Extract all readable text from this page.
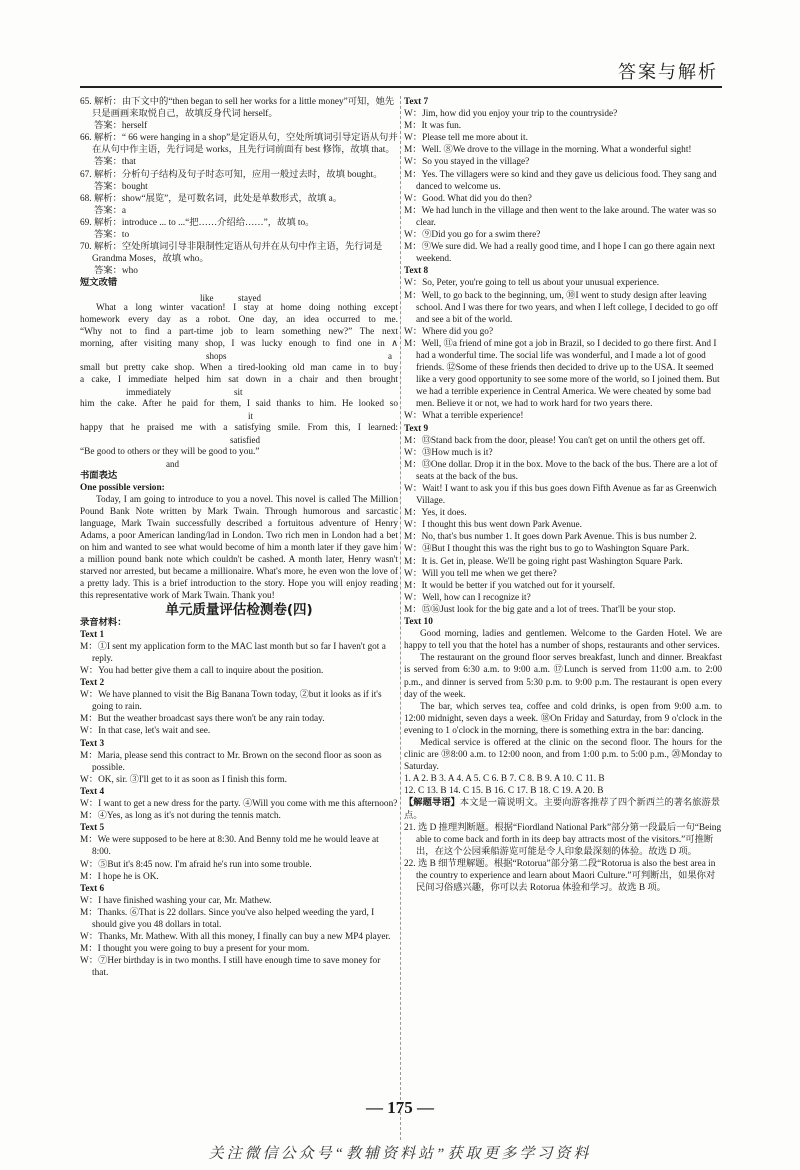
答案与解析

65. 解析：由下文中的“then began to sell her works for a little money”可知，她先只是画画来取悦自己，故填反身代词 herself。

答案：herself

66. 解析：“ 66 were hanging in a shop”是定语从句，空处所填词引导定语从句并在从句中作主语，先行词是 works，且先行词前面有 best 修饰，故填 that。

答案：that

67. 解析：分析句子结构及句子时态可知，应用一般过去时，故填 bought。

答案：bought

68. 解析：show“展览”，是可数名词，此处是单数形式，故填 a。

答案：a

69. 解析：introduce ... to ...“把……介绍给……”，故填 to。

答案：to

70. 解析：空处所填词引导非限制性定语从句并在从句中作主语，先行词是 Grandma Moses，故填 who。

答案：who

短文改错

stayed
What a long winter vacation! I stay at home doing nothing except
like
homework every day as a robot. One day, an idea occurred to me.
“Why not to find a part-time job to learn something new?” The next
morning, after visiting many shop, I was lucky enough to find one in ∧
shops	a
small but pretty cake shop. When a tired-looking old man came in to buy
a cake, I immediate helped him sat down in a chair and then brought
immediately	sit
him the cake. After he paid for them, I said thanks to him. He looked so
it
happy that he praised me with a satisfying smile. From this, I learned:
satisfied
“Be good to others or they will be good to you.”
and

书面表达

One possible version:

Today, I am going to introduce to you a novel. This novel is called The Million Pound Bank Note written by Mark Twain. Through humorous and sarcastic language, Mark Twain successfully described a fortuitous adventure of Henry Adams, a poor American landing/lad in London. Two rich men in London had a bet on him and wanted to see what would become of him a month later if they gave him a million pound bank note which couldn't be cashed. A month later, Henry wasn't starved nor arrested, but became a millionaire. What's more, he even won the love of a pretty lady. This is a brief introduction to the story. Hope you will enjoy reading this representative work of Mark Twain. Thank you!

单元质量评估检测卷(四)

录音材料：

Text 1

M：①I sent my application form to the MAC last month but so far I haven't got a reply.

W：You had better give them a call to inquire about the position.

Text 2

W：We have planned to visit the Big Banana Town today, ②but it looks as if it's going to rain.

M：But the weather broadcast says there won't be any rain today.

W：In that case, let's wait and see.

Text 3

M：Maria, please send this contract to Mr. Brown on the second floor as soon as possible.

W：OK, sir. ③I'll get to it as soon as I finish this form.

Text 4

W：I want to get a new dress for the party. ④Will you come with me this afternoon?

M：④Yes, as long as it's not during the tennis match.

Text 5

M：We were supposed to be here at 8:30. And Benny told me he would leave at 8:00.

W：⑤But it's 8:45 now. I'm afraid he's run into some trouble.

M：I hope he is OK.

Text 6

W：I have finished washing your car, Mr. Mathew.

M：Thanks. ⑥That is 22 dollars. Since you've also helped weeding the yard, I should give you 48 dollars in total.

W：Thanks, Mr. Mathew. With all this money, I finally can buy a new MP4 player.

M：I thought you were going to buy a present for your mom.

W：⑦Her birthday is in two months. I still have enough time to save money for that.

Text 7

W：Jim, how did you enjoy your trip to the countryside?

M：It was fun.

W：Please tell me more about it.

M：Well. ⑧We drove to the village in the morning. What a wonderful sight!

W：So you stayed in the village?

M：Yes. The villagers were so kind and they gave us delicious food. They sang and danced to welcome us.

W：Good. What did you do then?

M：We had lunch in the village and then went to the lake around. The water was so clear.

W：⑨Did you go for a swim there?

M：⑨We sure did. We had a really good time, and I hope I can go there again next weekend.

Text 8

W：So, Peter, you're going to tell us about your unusual experience.

M：Well, to go back to the beginning, um, ⑩I went to study design after leaving school. And I was there for two years, and when I left college, I decided to go off and see a bit of the world.

W：Where did you go?

M：Well, ⑪a friend of mine got a job in Brazil, so I decided to go there first. And I had a wonderful time. The social life was wonderful, and I made a lot of good friends. ⑫Some of these friends then decided to drive up to the USA. It seemed like a very good opportunity to see some more of the world, so I joined them. But we had a terrible experience in Central America. We were cheated by some bad men. Believe it or not, we had to work hard for two years there.

W：What a terrible experience!

Text 9

M：⑬Stand back from the door, please! You can't get on until the others get off.

W：⑬How much is it?

M：⑬One dollar. Drop it in the box. Move to the back of the bus. There are a lot of seats at the back of the bus.

W：Wait! I want to ask you if this bus goes down Fifth Avenue as far as Greenwich Village.

M：Yes, it does.

W：I thought this bus went down Park Avenue.

M：No, that's bus number 1. It goes down Park Avenue. This is bus number 2.

W：⑭But I thought this was the right bus to go to Washington Square Park.

M：It is. Get in, please. We'll be going right past Washington Square Park.

W：Will you tell me when we get there?

M：It would be better if you watched out for it yourself.

W：Well, how can I recognize it?

M：⑮⑯Just look for the big gate and a lot of trees. That'll be your stop.

Text 10

Good morning, ladies and gentlemen. Welcome to the Garden Hotel. We are happy to tell you that the hotel has a number of shops, restaurants and other services.

The restaurant on the ground floor serves breakfast, lunch and dinner. Breakfast is served from 6:30 a.m. to 9:00 a.m. ⑰Lunch is served from 11:00 a.m. to 2:00 p.m., and dinner is served from 5:30 p.m. to 9:00 p.m. The restaurant is open every day of the week.

The bar, which serves tea, coffee and cold drinks, is open from 9:00 a.m. to 12:00 midnight, seven days a week. ⑱On Friday and Saturday, from 9 o'clock in the evening to 1 o'clock in the morning, there is something extra in the bar: dancing.

Medical service is offered at the clinic on the second floor. The hours for the clinic are ⑲8:00 a.m. to 12:00 noon, and from 1:00 p.m. to 5:00 p.m., ⑳Monday to Saturday.

1. A 2. B 3. A 4. A 5. C 6. B 7. C 8. B 9. A 10. C 11. B

12. C 13. B 14. C 15. B 16. C 17. B 18. C 19. A 20. B

【解题导语】本文是一篇说明文。主要向游客推荐了四个新西兰的著名旅游景点。

21. 选 D 推理判断题。根据“Fiordland National Park”部分第一段最后一句“Being able to come back and forth in its deep bay attracts most of the visitors.”可推断出，在这个公园乘船游览可能是令人印象最深刻的体验。故选 D 项。

22. 选 B 细节理解题。根据“Rotorua”部分第二段“Rotorua is also the best area in the country to experience and learn about Maori Culture.”可判断出，如果你对民间习俗感兴趣，你可以去 Rotorua 体验和学习。故选 B 项。

— 175 —
关注微信公众号“教辅资料站”获取更多学习资料
